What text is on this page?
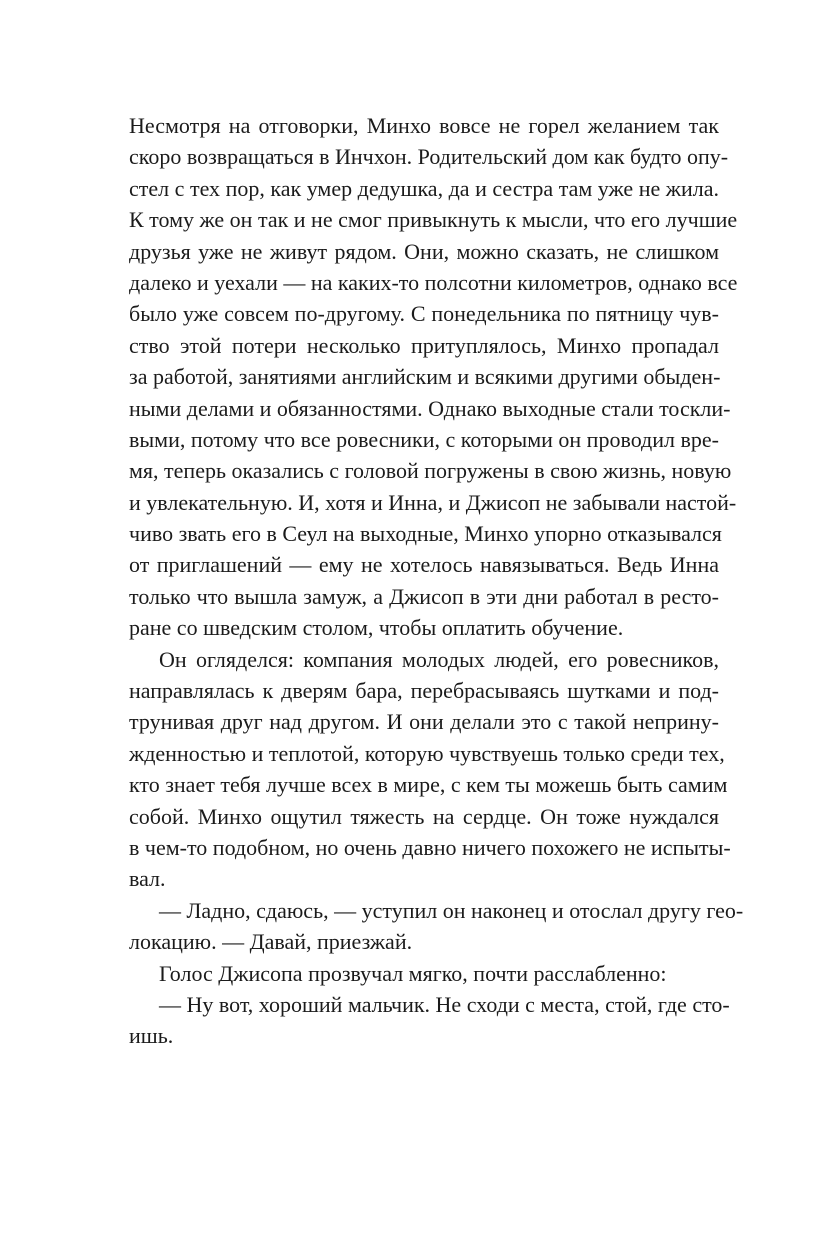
Несмотря на отговорки, Минхо вовсе не горел желанием так
скоро возвращаться в Инчхон. Родительский дом как будто опу-
стел с тех пор, как умер дедушка, да и сестра там уже не жила.
К тому же он так и не смог привыкнуть к мысли, что его лучшие
друзья уже не живут рядом. Они, можно сказать, не слишком
далеко и уехали — на каких-то полсотни километров, однако все
было уже совсем по-другому. С понедельника по пятницу чув-
ство этой потери несколько притуплялось, Минхо пропадал
за работой, занятиями английским и всякими другими обыден-
ными делами и обязанностями. Однако выходные стали тоскли-
выми, потому что все ровесники, с которыми он проводил вре-
мя, теперь оказались с головой погружены в свою жизнь, новую
и увлекательную. И, хотя и Инна, и Джисоп не забывали настой-
чиво звать его в Сеул на выходные, Минхо упорно отказывался
от приглашений — ему не хотелось навязываться. Ведь Инна
только что вышла замуж, а Джисоп в эти дни работал в ресто-
ране со шведским столом, чтобы оплатить обучение.
Он огляделся: компания молодых людей, его ровесников,
направлялась к дверям бара, перебрасываясь шутками и под-
трунивая друг над другом. И они делали это с такой неприну-
жденностью и теплотой, которую чувствуешь только среди тех,
кто знает тебя лучше всех в мире, с кем ты можешь быть самим
собой. Минхо ощутил тяжесть на сердце. Он тоже нуждался
в чем-то подобном, но очень давно ничего похожего не испыты-
вал.
— Ладно, сдаюсь, — уступил он наконец и отослал другу гео-
локацию. — Давай, приезжай.
Голос Джисопа прозвучал мягко, почти расслабленно:
— Ну вот, хороший мальчик. Не сходи с места, стой, где сто-
ишь.
